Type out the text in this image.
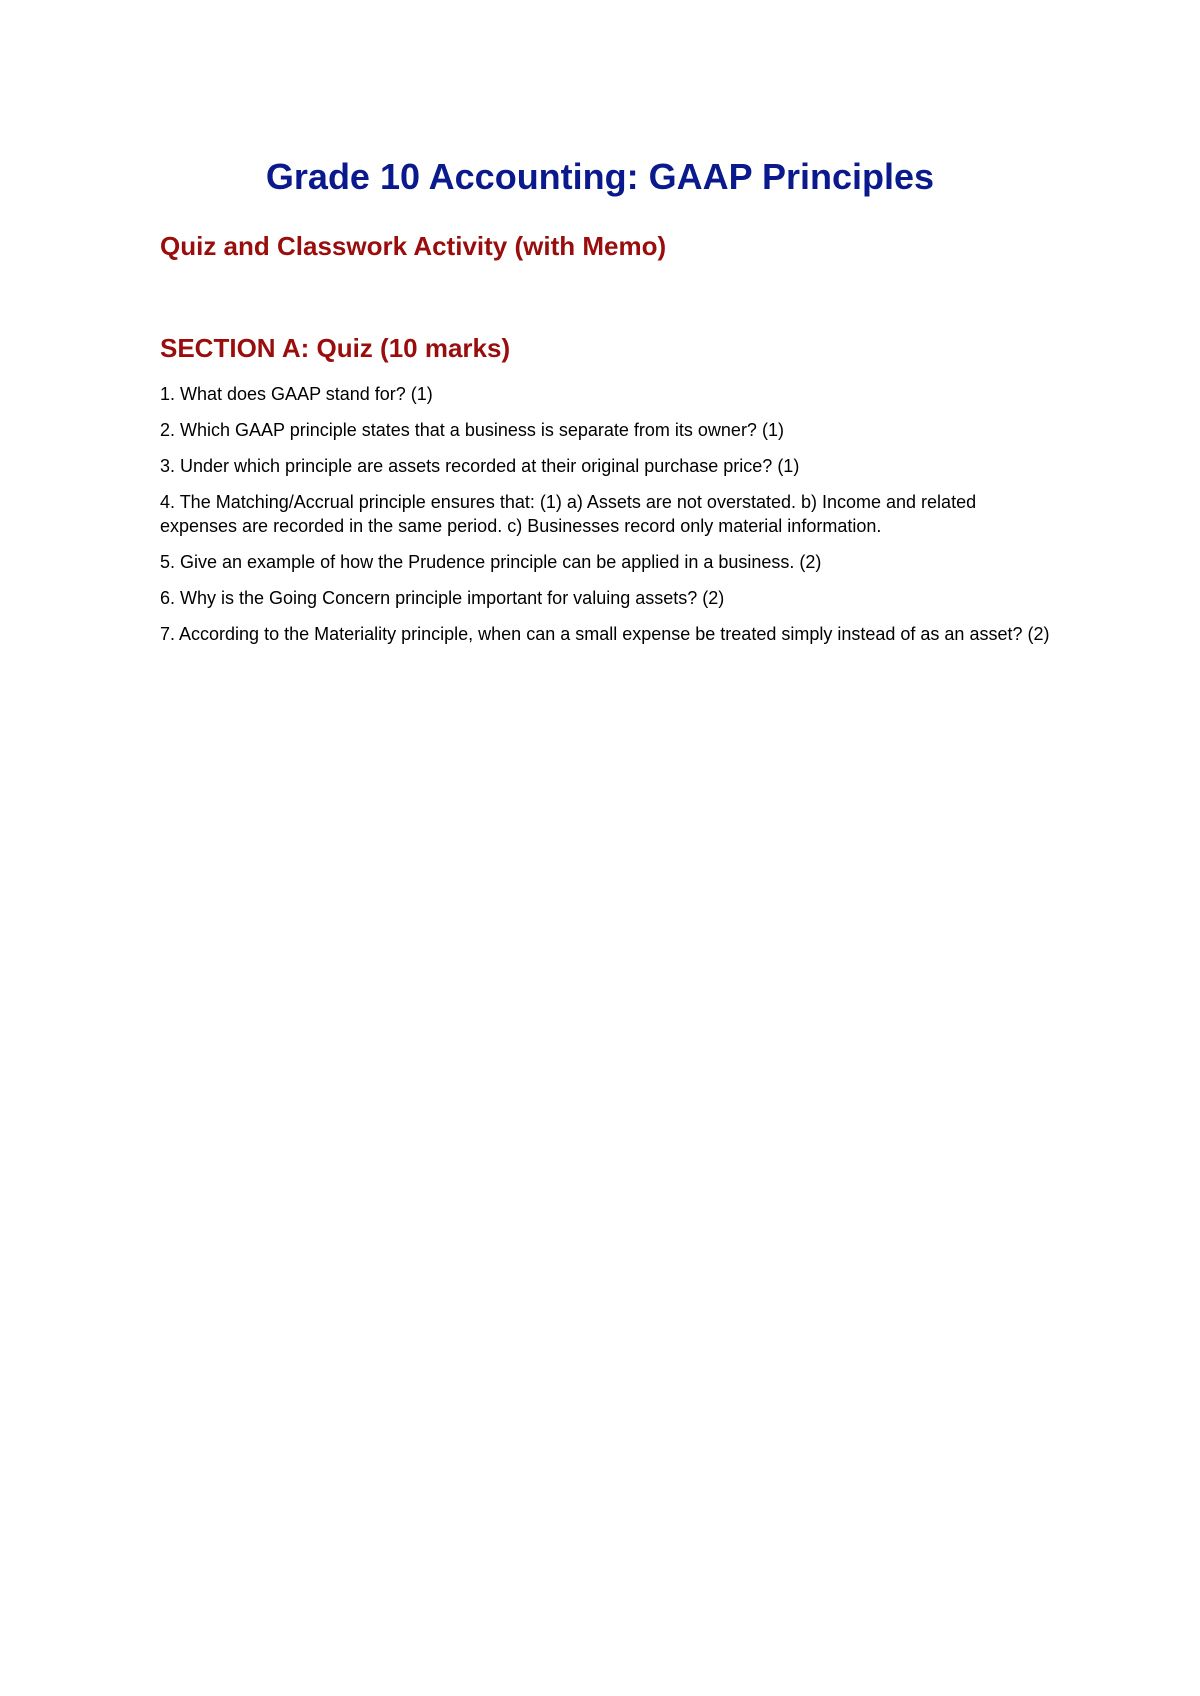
Grade 10 Accounting: GAAP Principles
Quiz and Classwork Activity (with Memo)
SECTION A: Quiz (10 marks)
1. What does GAAP stand for? (1)
2. Which GAAP principle states that a business is separate from its owner? (1)
3. Under which principle are assets recorded at their original purchase price? (1)
4. The Matching/Accrual principle ensures that: (1) a) Assets are not overstated. b) Income and related expenses are recorded in the same period. c) Businesses record only material information.
5. Give an example of how the Prudence principle can be applied in a business. (2)
6. Why is the Going Concern principle important for valuing assets? (2)
7. According to the Materiality principle, when can a small expense be treated simply instead of as an asset? (2)
